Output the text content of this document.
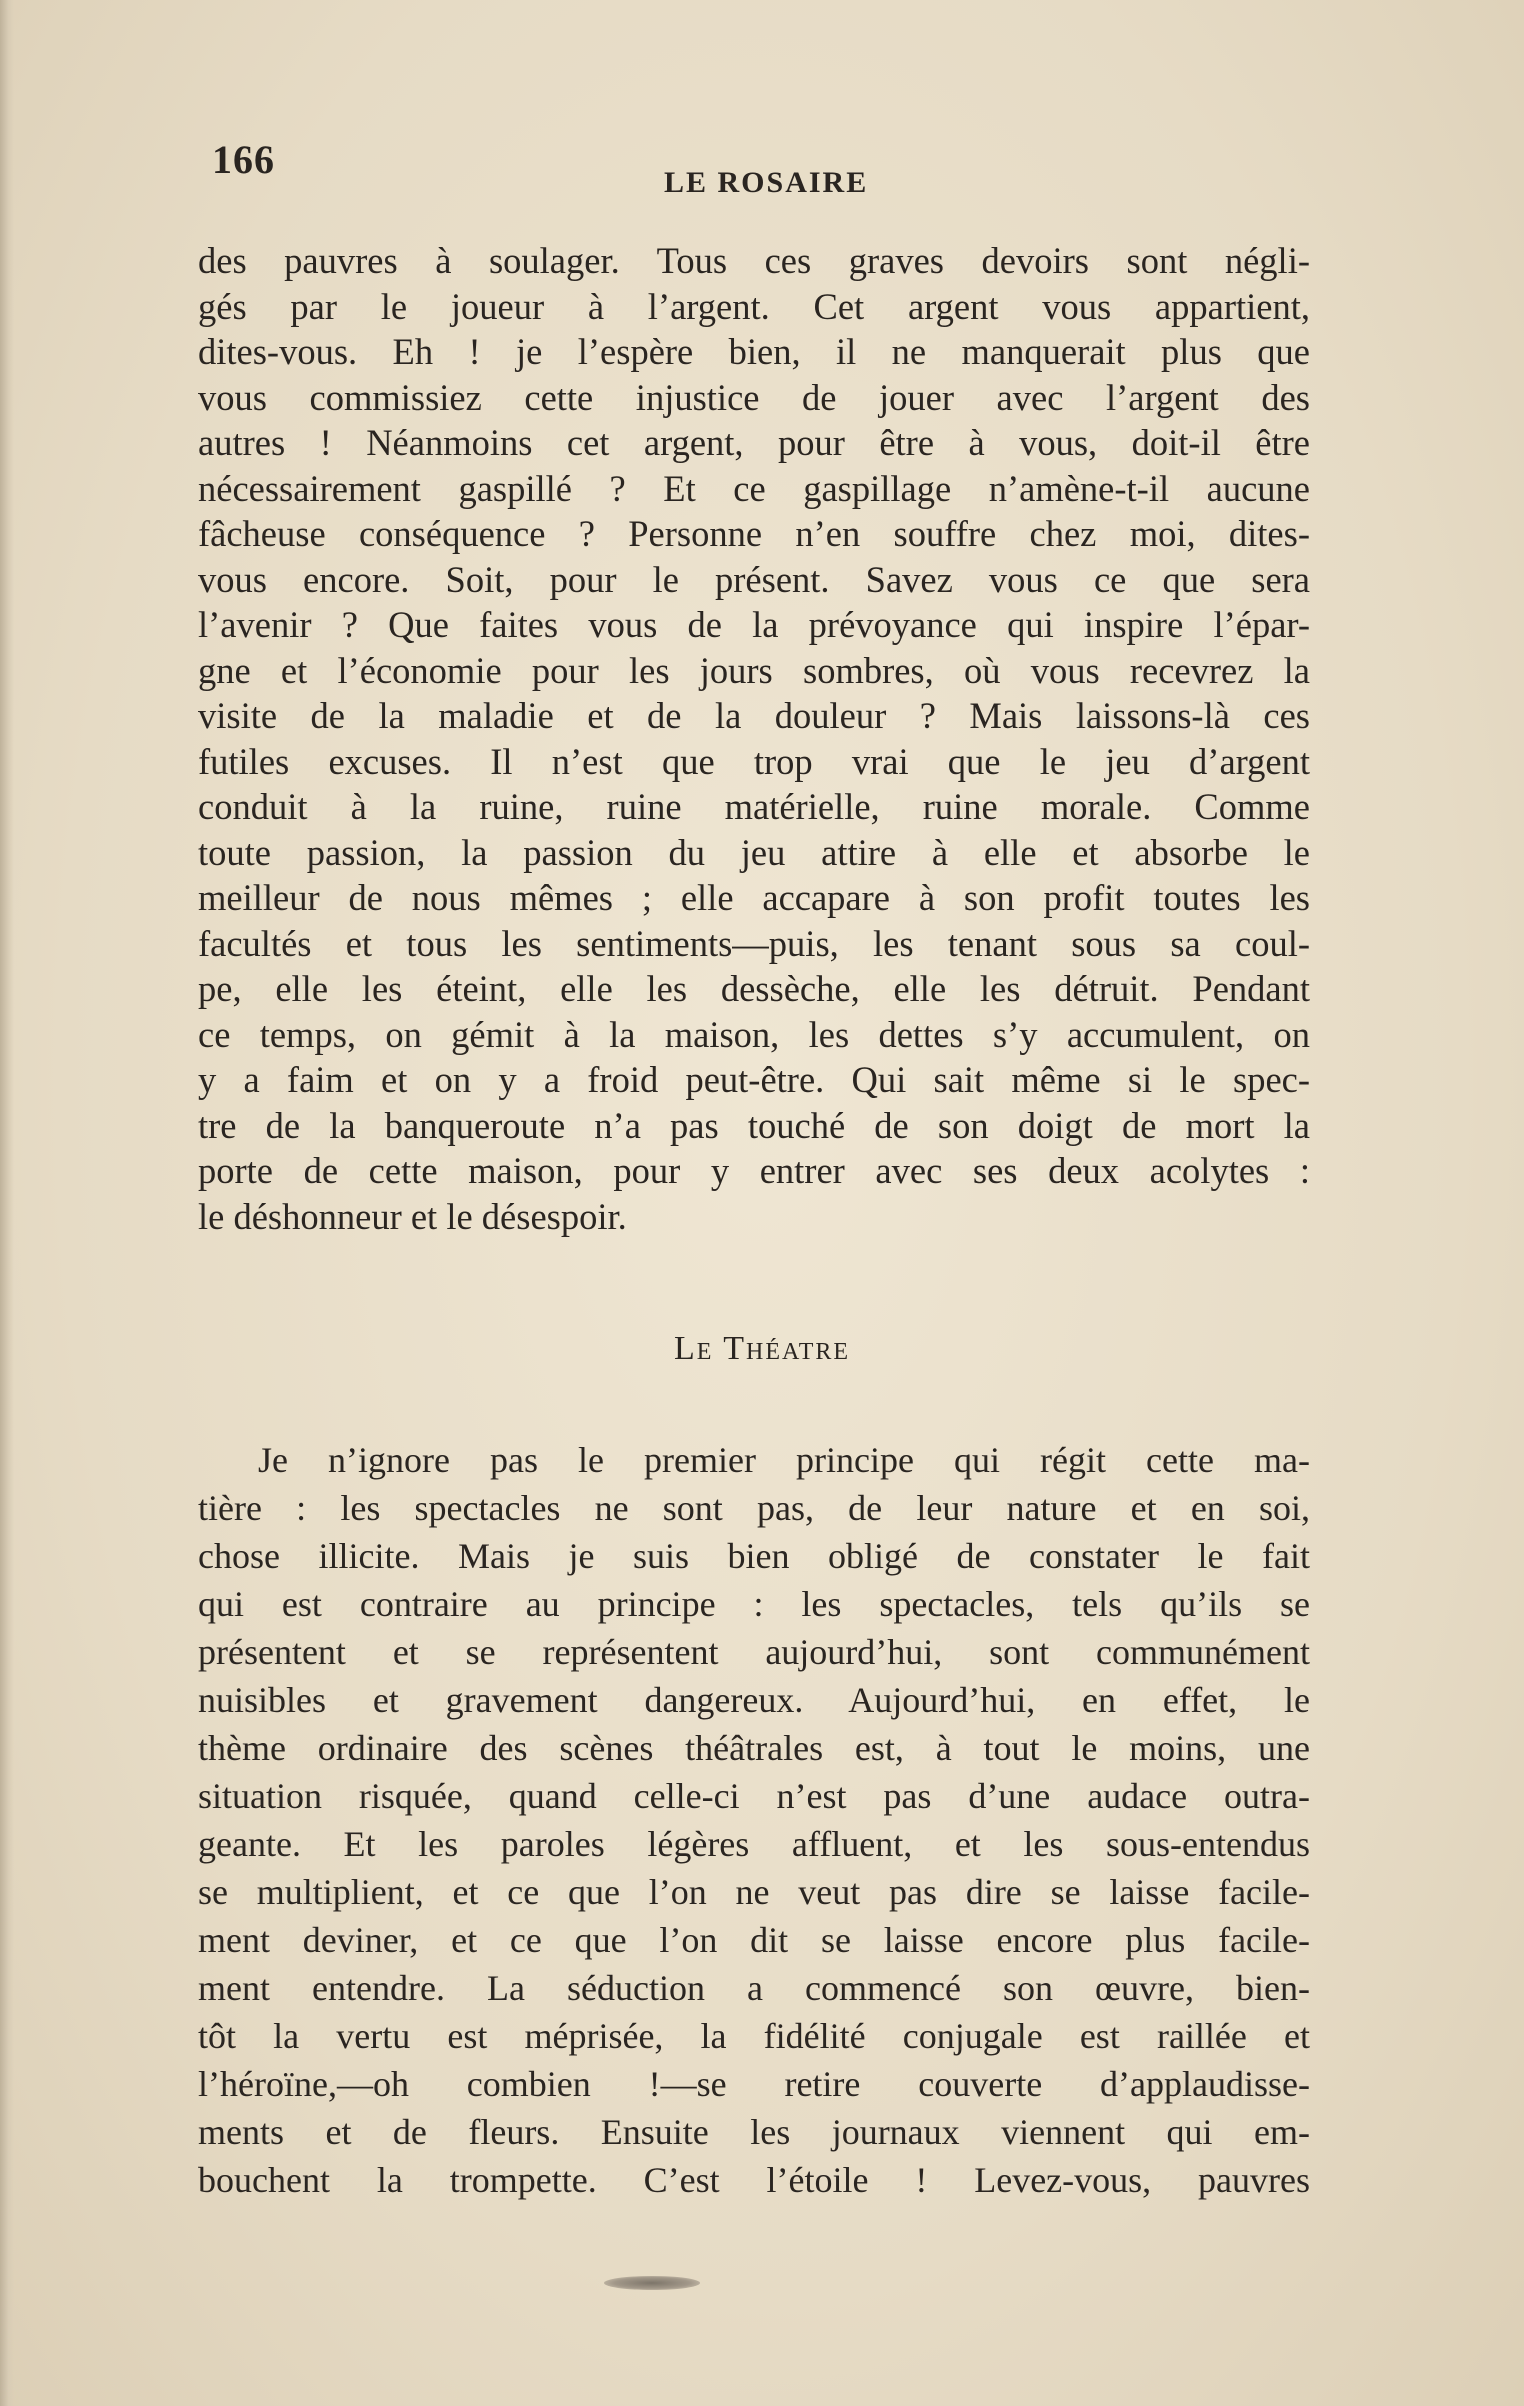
166
LE ROSAIRE
des pauvres à soulager. Tous ces graves devoirs sont négli-
gés par le joueur à l’argent. Cet argent vous appartient,
dites-vous. Eh ! je l’espère bien, il ne manquerait plus que
vous commissiez cette injustice de jouer avec l’argent des
autres ! Néanmoins cet argent, pour être à vous, doit-il être
nécessairement gaspillé ? Et ce gaspillage n’amène-t-il aucune
fâcheuse conséquence ? Personne n’en souffre chez moi, dites-
vous encore. Soit, pour le présent. Savez vous ce que sera
l’avenir ? Que faites vous de la prévoyance qui inspire l’épar-
gne et l’économie pour les jours sombres, où vous recevrez la
visite de la maladie et de la douleur ? Mais laissons-là ces
futiles excuses. Il n’est que trop vrai que le jeu d’argent
conduit à la ruine, ruine matérielle, ruine morale. Comme
toute passion, la passion du jeu attire à elle et absorbe le
meilleur de nous mêmes ; elle accapare à son profit toutes les
facultés et tous les sentiments—puis, les tenant sous sa coul-
pe, elle les éteint, elle les dessèche, elle les détruit. Pendant
ce temps, on gémit à la maison, les dettes s’y accumulent, on
y a faim et on y a froid peut-être. Qui sait même si le spec-
tre de la banqueroute n’a pas touché de son doigt de mort la
porte de cette maison, pour y entrer avec ses deux acolytes :
le déshonneur et le désespoir.
Le Théatre
Je n’ignore pas le premier principe qui régit cette ma-
tière : les spectacles ne sont pas, de leur nature et en soi,
chose illicite. Mais je suis bien obligé de constater le fait
qui est contraire au principe : les spectacles, tels qu’ils se
présentent et se représentent aujourd’hui, sont communément
nuisibles et gravement dangereux. Aujourd’hui, en effet, le
thème ordinaire des scènes théâtrales est, à tout le moins, une
situation risquée, quand celle-ci n’est pas d’une audace outra-
geante. Et les paroles légères affluent, et les sous-entendus
se multiplient, et ce que l’on ne veut pas dire se laisse facile-
ment deviner, et ce que l’on dit se laisse encore plus facile-
ment entendre. La séduction a commencé son œuvre, bien-
tôt la vertu est méprisée, la fidélité conjugale est raillée et
l’héroïne,—oh combien !—se retire couverte d’applaudisse-
ments et de fleurs. Ensuite les journaux viennent qui em-
bouchent la trompette. C’est l’étoile ! Levez-vous, pauvres
